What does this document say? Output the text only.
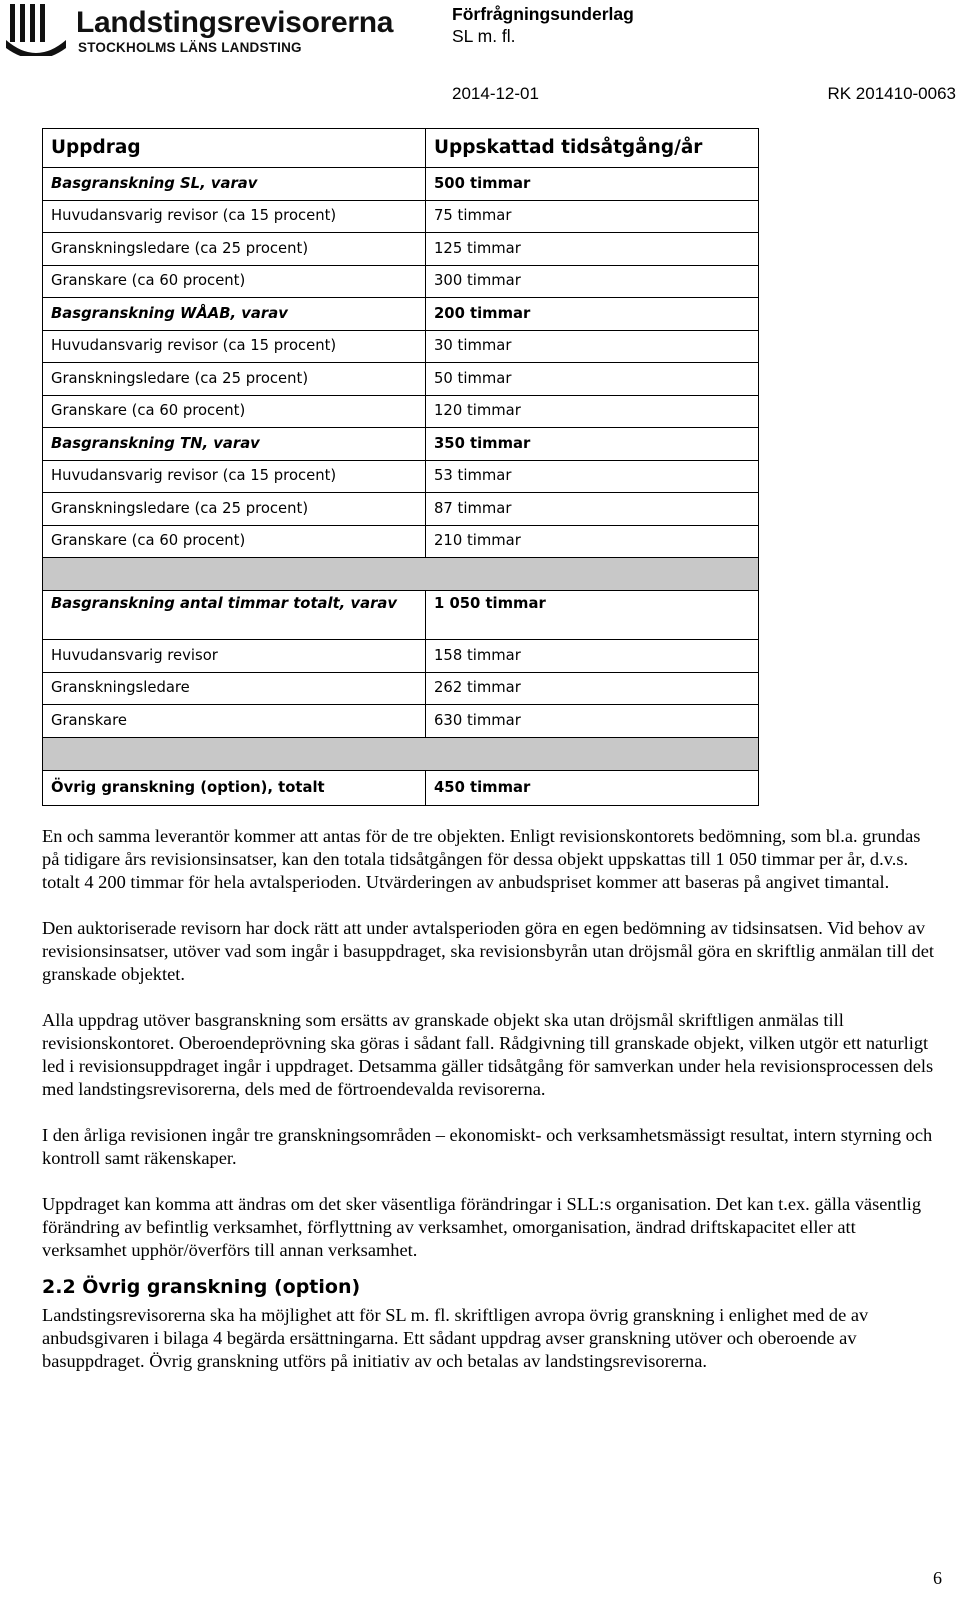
Landstingsrevisorerna
STOCKHOLMS LÄNS LANDSTING
Förfrågningsunderlag
SL m. fl.
2014-12-01	RK 201410-0063
Uppdrag	Uppskattad tidsåtgång/år
Basgranskning SL, varav	500 timmar
Huvudansvarig revisor (ca 15 procent)	75 timmar
Granskningsledare (ca 25 procent)	125 timmar
Granskare (ca 60 procent)	300 timmar
Basgranskning WÅAB, varav	200 timmar
Huvudansvarig revisor (ca 15 procent)	30 timmar
Granskningsledare (ca 25 procent)	50 timmar
Granskare (ca 60 procent)	120 timmar
Basgranskning TN, varav	350 timmar
Huvudansvarig revisor (ca 15 procent)	53 timmar
Granskningsledare (ca 25 procent)	87 timmar
Granskare (ca 60 procent)	210 timmar

Basgranskning antal timmar totalt, varav	1 050 timmar
Huvudansvarig revisor	158 timmar
Granskningsledare	262 timmar
Granskare	630 timmar

Övrig granskning (option), totalt	450 timmar

En och samma leverantör kommer att antas för de tre objekten. Enligt revisionskontorets bedömning, som bl.a. grundas på tidigare års revisionsinsatser, kan den totala tidsåtgången för dessa objekt uppskattas till 1 050 timmar per år, d.v.s. totalt 4 200 timmar för hela avtalsperioden. Utvärderingen av anbudspriset kommer att baseras på angivet timantal.

Den auktoriserade revisorn har dock rätt att under avtalsperioden göra en egen bedömning av tidsinsatsen. Vid behov av revisionsinsatser, utöver vad som ingår i basuppdraget, ska revisionsbyrån utan dröjsmål göra en skriftlig anmälan till det granskade objektet.

Alla uppdrag utöver basgranskning som ersätts av granskade objekt ska utan dröjsmål skriftligen anmälas till revisionskontoret. Oberoendeprövning ska göras i sådant fall. Rådgivning till granskade objekt, vilken utgör ett naturligt led i revisionsuppdraget ingår i uppdraget. Detsamma gäller tidsåtgång för samverkan under hela revisionsprocessen dels med landstingsrevisorerna, dels med de förtroendevalda revisorerna.

I den årliga revisionen ingår tre granskningsområden – ekonomiskt- och verksamhetsmässigt resultat, intern styrning och kontroll samt räkenskaper.

Uppdraget kan komma att ändras om det sker väsentliga förändringar i SLL:s organisation. Det kan t.ex. gälla väsentlig förändring av befintlig verksamhet, förflyttning av verksamhet, omorganisation, ändrad driftskapacitet eller att verksamhet upphör/överförs till annan verksamhet.

2.2 Övrig granskning (option)

Landstingsrevisorerna ska ha möjlighet att för SL m. fl. skriftligen avropa övrig granskning i enlighet med de av anbudsgivaren i bilaga 4 begärda ersättningarna. Ett sådant uppdrag avser granskning utöver och oberoende av basuppdraget. Övrig granskning utförs på initiativ av och betalas av landstingsrevisorerna.

6
